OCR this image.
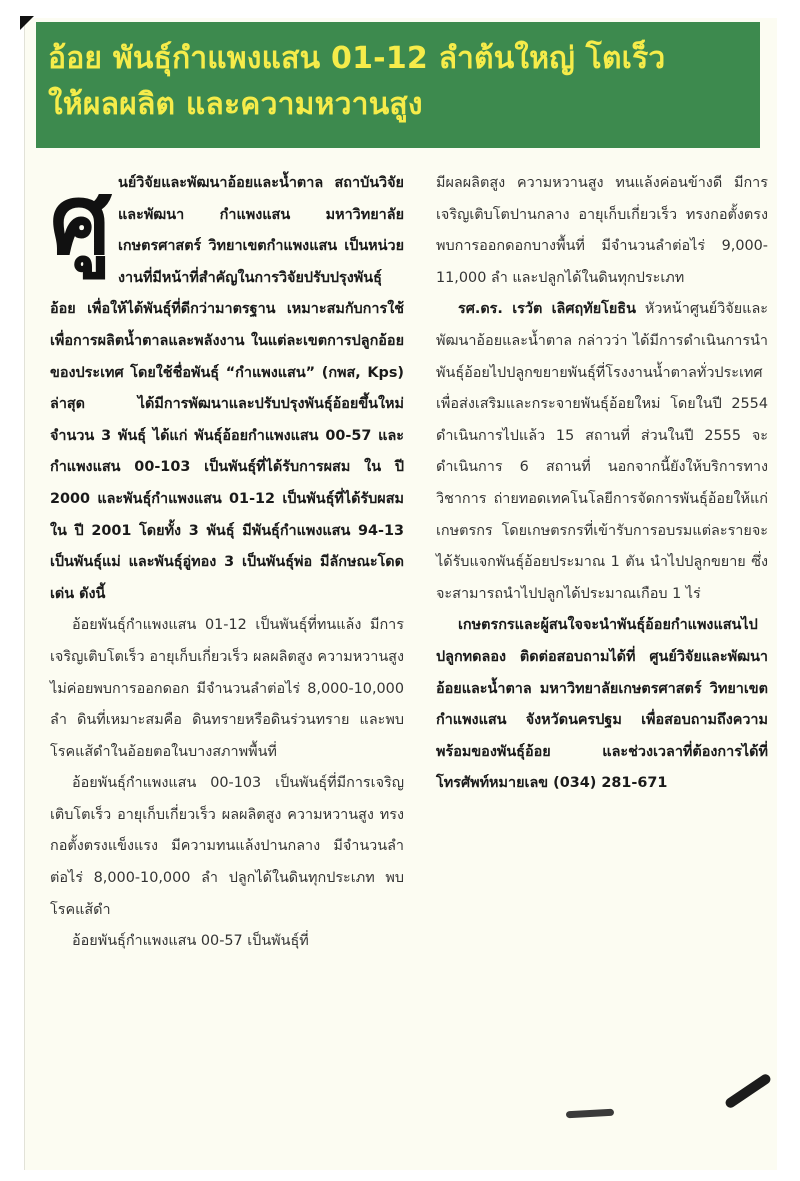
อ้อย พันธุ์กำแพงแสน 01-12 ลำต้นใหญ่ โตเร็ว
ให้ผลผลิต และความหวานสูง
ศู นย์วิจัยและพัฒนาอ้อยและน้ำตาล สถาบันวิจัยและพัฒนา กำแพงแสน มหาวิทยาลัยเกษตรศาสตร์ วิทยาเขตกำแพงแสน เป็นหน่วยงานที่มีหน้าที่สำคัญในการวิจัยปรับปรุงพันธุ์อ้อย เพื่อให้ได้พันธุ์ที่ดีกว่ามาตรฐาน เหมาะสมกับการใช้เพื่อการผลิตน้ำตาลและพลังงาน ในแต่ละเขตการปลูกอ้อยของประเทศ โดยใช้ชื่อพันธุ์ “กำแพงแสน” (กพส, Kps) ล่าสุด ได้มีการพัฒนาและปรับปรุงพันธุ์อ้อยขึ้นใหม่ จำนวน 3 พันธุ์ ได้แก่ พันธุ์อ้อยกำแพงแสน 00-57 และกำแพงแสน 00-103 เป็นพันธุ์ที่ได้รับการผสม ใน ปี 2000 และพันธุ์กำแพงแสน 01-12 เป็นพันธุ์ที่ได้รับผสม ใน ปี 2001 โดยทั้ง 3 พันธุ์ มีพันธุ์กำแพงแสน 94-13 เป็นพันธุ์แม่ และพันธุ์อู่ทอง 3 เป็นพันธุ์พ่อ มีลักษณะโดดเด่น ดังนี้

อ้อยพันธุ์กำแพงแสน 01-12 เป็นพันธุ์ที่ทนแล้ง มีการเจริญเติบโตเร็ว อายุเก็บเกี่ยวเร็ว ผลผลิตสูง ความหวานสูง ไม่ค่อยพบการออกดอก มีจำนวนลำต่อไร่ 8,000-10,000 ลำ ดินที่เหมาะสมคือ ดินทรายหรือดินร่วนทราย และพบโรคแส้ดำในอ้อยตอในบางสภาพพื้นที่

อ้อยพันธุ์กำแพงแสน 00-103 เป็นพันธุ์ที่มีการเจริญเติบโตเร็ว อายุเก็บเกี่ยวเร็ว ผลผลิตสูง ความหวานสูง ทรงกอตั้งตรงแข็งแรง มีความทนแล้งปานกลาง มีจำนวนลำต่อไร่ 8,000-10,000 ลำ ปลูกได้ในดินทุกประเภท พบโรคแส้ดำ

อ้อยพันธุ์กำแพงแสน 00-57 เป็นพันธุ์ที่

มีผลผลิตสูง ความหวานสูง ทนแล้งค่อนข้างดี มีการเจริญเติบโตปานกลาง อายุเก็บเกี่ยวเร็ว ทรงกอตั้งตรง พบการออกดอกบางพื้นที่ มีจำนวนลำต่อไร่ 9,000-11,000 ลำ และปลูกได้ในดินทุกประเภท

รศ.ดร. เรวัต เลิศฤทัยโยธิน หัวหน้าศูนย์วิจัยและพัฒนาอ้อยและน้ำตาล กล่าวว่า ได้มีการดำเนินการนำพันธุ์อ้อยไปปลูกขยายพันธุ์ที่โรงงานน้ำตาลทั่วประเทศ เพื่อส่งเสริมและกระจายพันธุ์อ้อยใหม่ โดยในปี 2554 ดำเนินการไปแล้ว 15 สถานที่ ส่วนในปี 2555 จะดำเนินการ 6 สถานที่ นอกจากนี้ยังให้บริการทางวิชาการ ถ่ายทอดเทคโนโลยีการจัดการพันธุ์อ้อยให้แก่เกษตรกร โดยเกษตรกรที่เข้ารับการอบรมแต่ละรายจะได้รับแจกพันธุ์อ้อยประมาณ 1 ตัน นำไปปลูกขยาย ซึ่งจะสามารถนำไปปลูกได้ประมาณเกือบ 1 ไร่

เกษตรกรและผู้สนใจจะนำพันธุ์อ้อยกำแพงแสนไปปลูกทดลอง ติดต่อสอบถามได้ที่ ศูนย์วิจัยและพัฒนาอ้อยและน้ำตาล มหาวิทยาลัยเกษตรศาสตร์ วิทยาเขตกำแพงแสน จังหวัดนครปฐม เพื่อสอบถามถึงความพร้อมของพันธุ์อ้อย และช่วงเวลาที่ต้องการได้ที่ โทรศัพท์หมายเลข (034) 281-671
